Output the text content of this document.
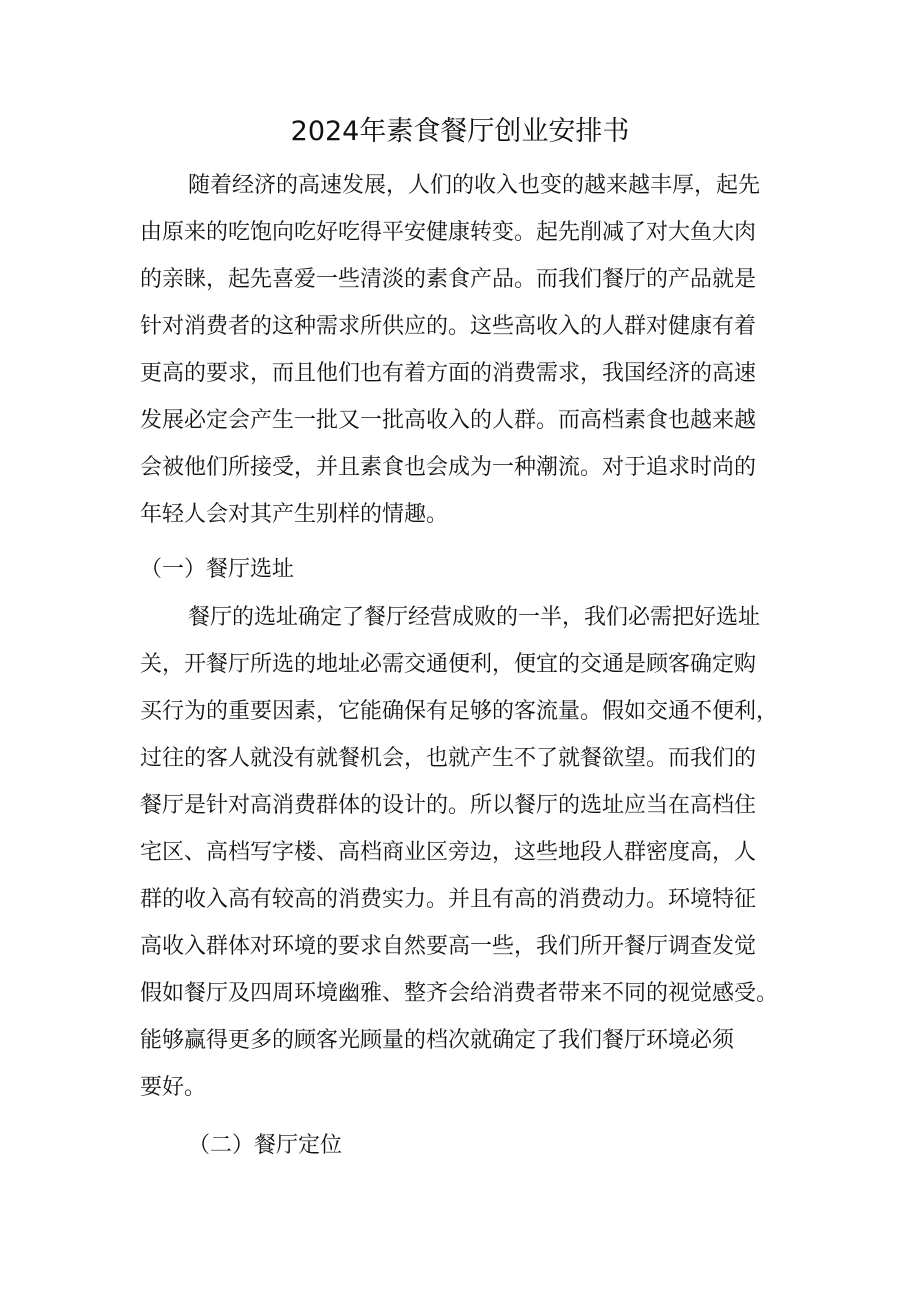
2024年素食餐厅创业安排书

随着经济的高速发展，人们的收入也变的越来越丰厚，起先

由原来的吃饱向吃好吃得平安健康转变。起先削减了对大鱼大肉

的亲睐，起先喜爱一些清淡的素食产品。而我们餐厅的产品就是

针对消费者的这种需求所供应的。这些高收入的人群对健康有着

更高的要求，而且他们也有着方面的消费需求，我国经济的高速

发展必定会产生一批又一批高收入的人群。而高档素食也越来越

会被他们所接受，并且素食也会成为一种潮流。对于追求时尚的

年轻人会对其产生别样的情趣。

（一）餐厅选址

餐厅的选址确定了餐厅经营成败的一半，我们必需把好选址

关，开餐厅所选的地址必需交通便利，便宜的交通是顾客确定购

买行为的重要因素，它能确保有足够的客流量。假如交通不便利，

过往的客人就没有就餐机会，也就产生不了就餐欲望。而我们的

餐厅是针对高消费群体的设计的。所以餐厅的选址应当在高档住

宅区、高档写字楼、高档商业区旁边，这些地段人群密度高，人

群的收入高有较高的消费实力。并且有高的消费动力。环境特征

高收入群体对环境的要求自然要高一些，我们所开餐厅调查发觉

假如餐厅及四周环境幽雅、整齐会给消费者带来不同的视觉感受。

能够赢得更多的顾客光顾量的档次就确定了我们餐厅环境必须

要好。

（二）餐厅定位
